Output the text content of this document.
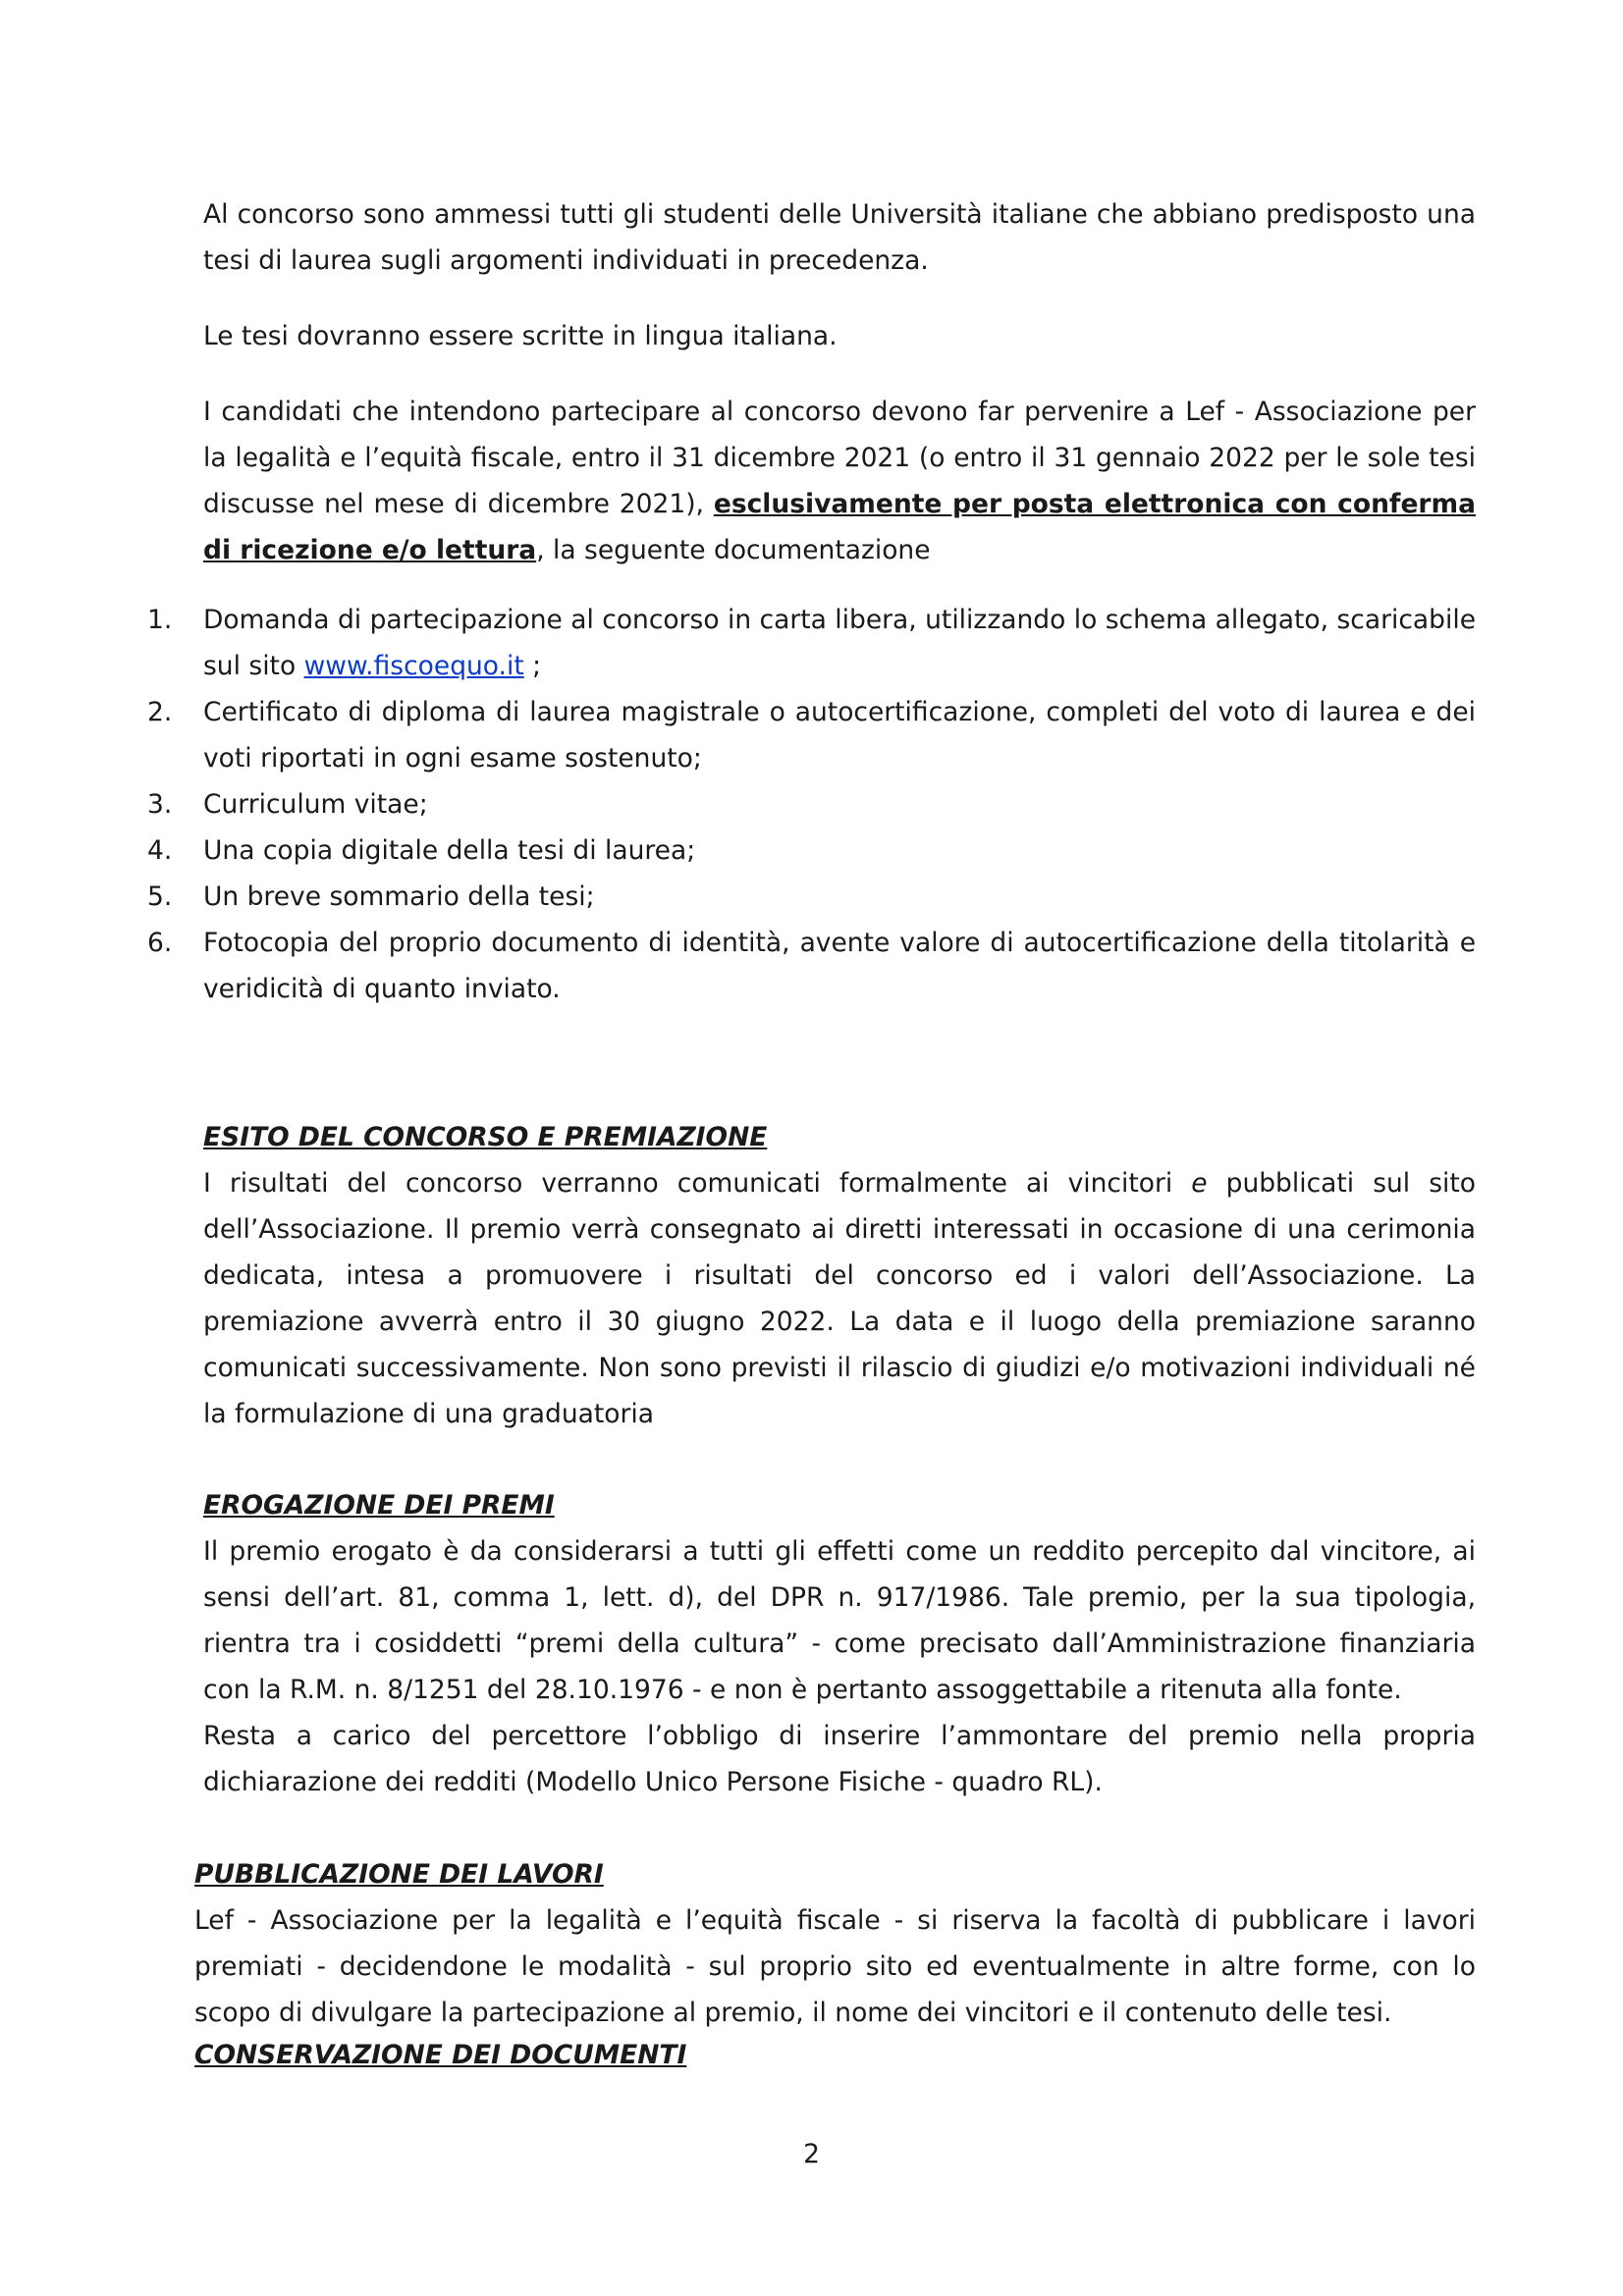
Al concorso sono ammessi tutti gli studenti delle Università italiane che abbiano predisposto una tesi di laurea sugli argomenti individuati in precedenza.

Le tesi dovranno essere scritte in lingua italiana.

I candidati che intendono partecipare al concorso devono far pervenire a Lef - Associazione per la legalità e l’equità fiscale, entro il 31 dicembre 2021 (o entro il 31 gennaio 2022 per le sole tesi discusse nel mese di dicembre 2021), esclusivamente per posta elettronica con conferma di ricezione e/o lettura, la seguente documentazione

1.	Domanda di partecipazione al concorso in carta libera, utilizzando lo schema allegato, scaricabile sul sito www.fiscoequo.it ;
2.	Certificato di diploma di laurea magistrale o autocertificazione, completi del voto di laurea e dei voti riportati in ogni esame sostenuto;
3.	Curriculum vitae;
4.	Una copia digitale della tesi di laurea;
5.	Un breve sommario della tesi;
6.	Fotocopia del proprio documento di identità, avente valore di autocertificazione della titolarità e veridicità di quanto inviato.

ESITO DEL CONCORSO E PREMIAZIONE

I risultati del concorso verranno comunicati formalmente ai vincitori e pubblicati sul sito dell’Associazione. Il premio verrà consegnato ai diretti interessati in occasione di una cerimonia dedicata, intesa a promuovere i risultati del concorso ed i valori dell’Associazione. La premiazione avverrà entro il 30 giugno 2022. La data e il luogo della premiazione saranno comunicati successivamente. Non sono previsti il rilascio di giudizi e/o motivazioni individuali né la formulazione di una graduatoria

EROGAZIONE DEI PREMI

Il premio erogato è da considerarsi a tutti gli effetti come un reddito percepito dal vincitore, ai sensi dell’art. 81, comma 1, lett. d), del DPR n. 917/1986. Tale premio, per la sua tipologia, rientra tra i cosiddetti “premi della cultura” - come precisato dall’Amministrazione finanziaria con la R.M. n. 8/1251 del 28.10.1976 - e non è pertanto assoggettabile a ritenuta alla fonte.

Resta a carico del percettore l’obbligo di inserire l’ammontare del premio nella propria dichiarazione dei redditi (Modello Unico Persone Fisiche - quadro RL).

PUBBLICAZIONE DEI LAVORI

Lef - Associazione per la legalità e l’equità fiscale - si riserva la facoltà di pubblicare i lavori premiati - decidendone le modalità - sul proprio sito ed eventualmente in altre forme, con lo scopo di divulgare la partecipazione al premio, il nome dei vincitori e il contenuto delle tesi.

CONSERVAZIONE DEI DOCUMENTI

2
